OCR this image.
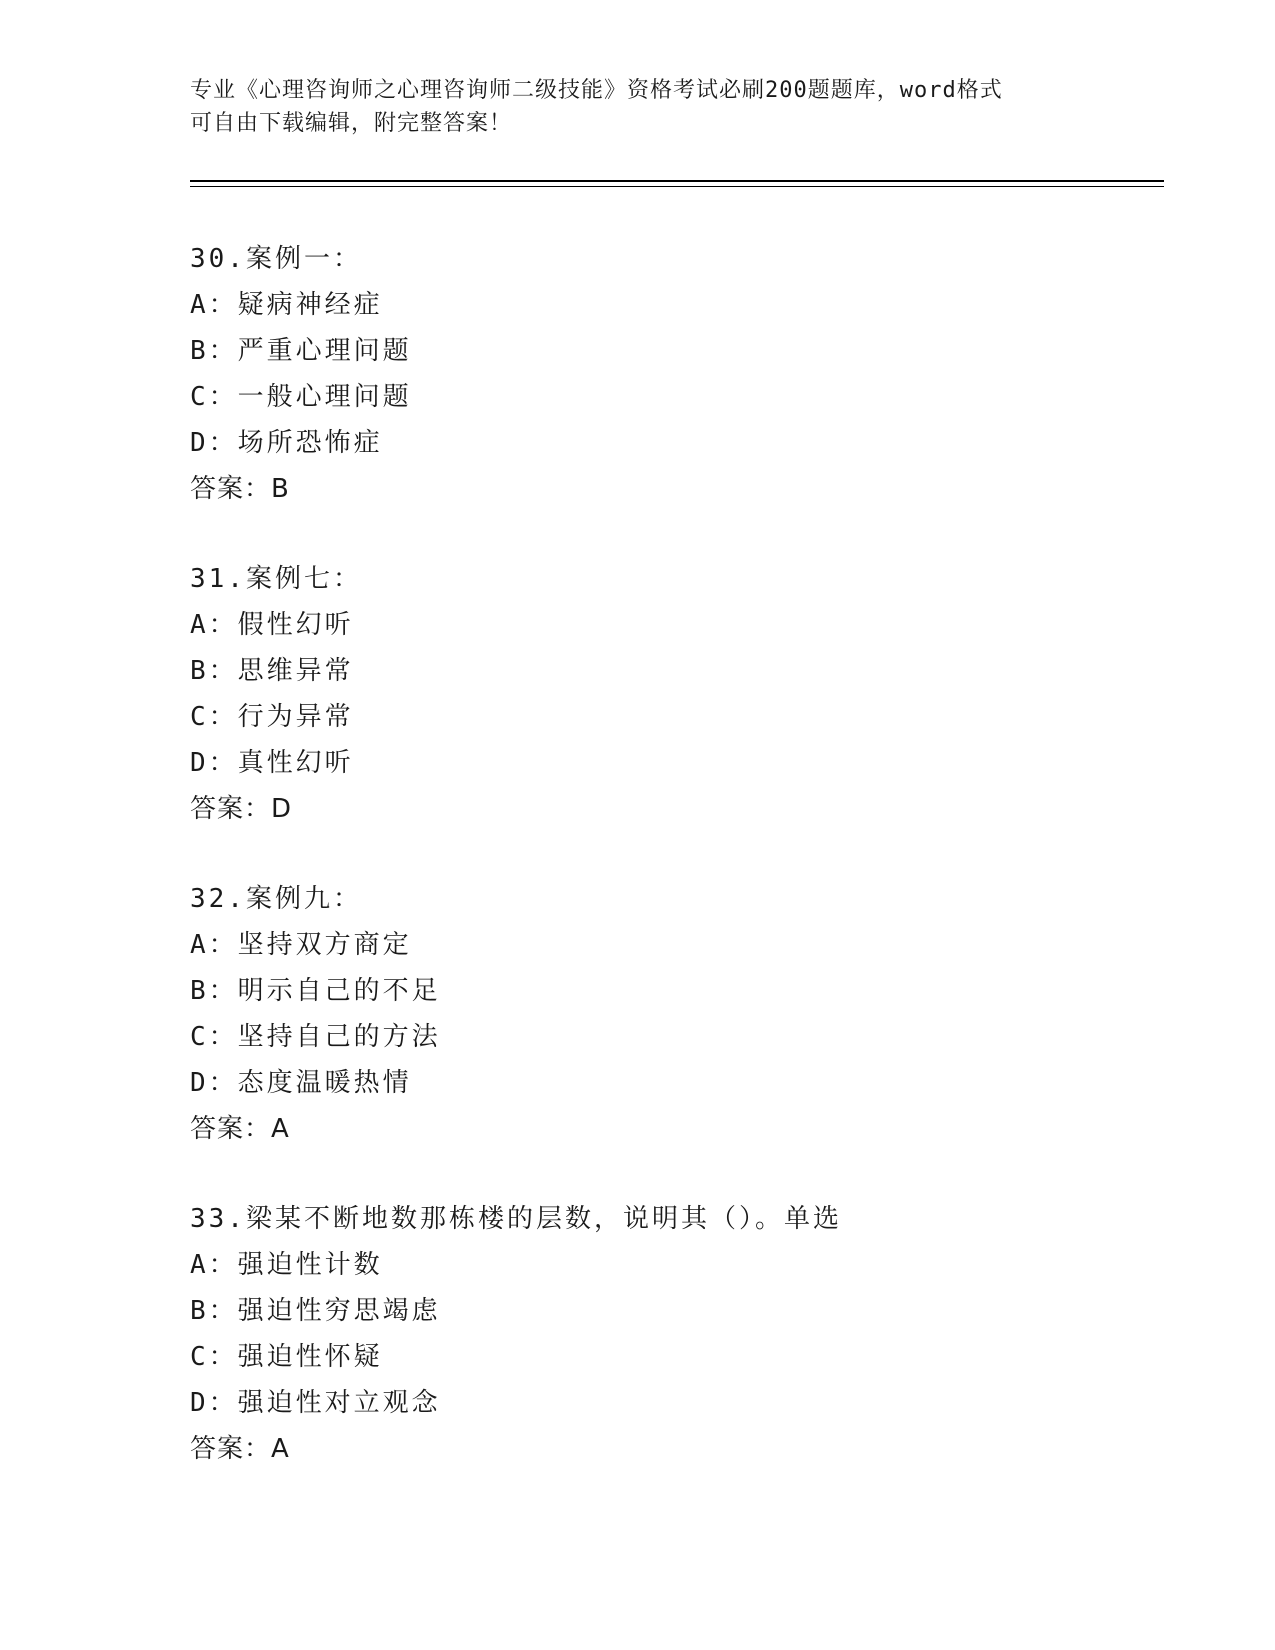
专业《心理咨询师之心理咨询师二级技能》资格考试必刷200题题库，word格式
可自由下载编辑，附完整答案！
30.案例一：
A：疑病神经症
B：严重心理问题
C：一般心理问题
D：场所恐怖症
答案：B
31.案例七：
A：假性幻听
B：思维异常
C：行为异常
D：真性幻听
答案：D
32.案例九：
A：坚持双方商定
B：明示自己的不足
C：坚持自己的方法
D：态度温暖热情
答案：A
33.梁某不断地数那栋楼的层数，说明其（）。单选
A：强迫性计数
B：强迫性穷思竭虑
C：强迫性怀疑
D：强迫性对立观念
答案：A
